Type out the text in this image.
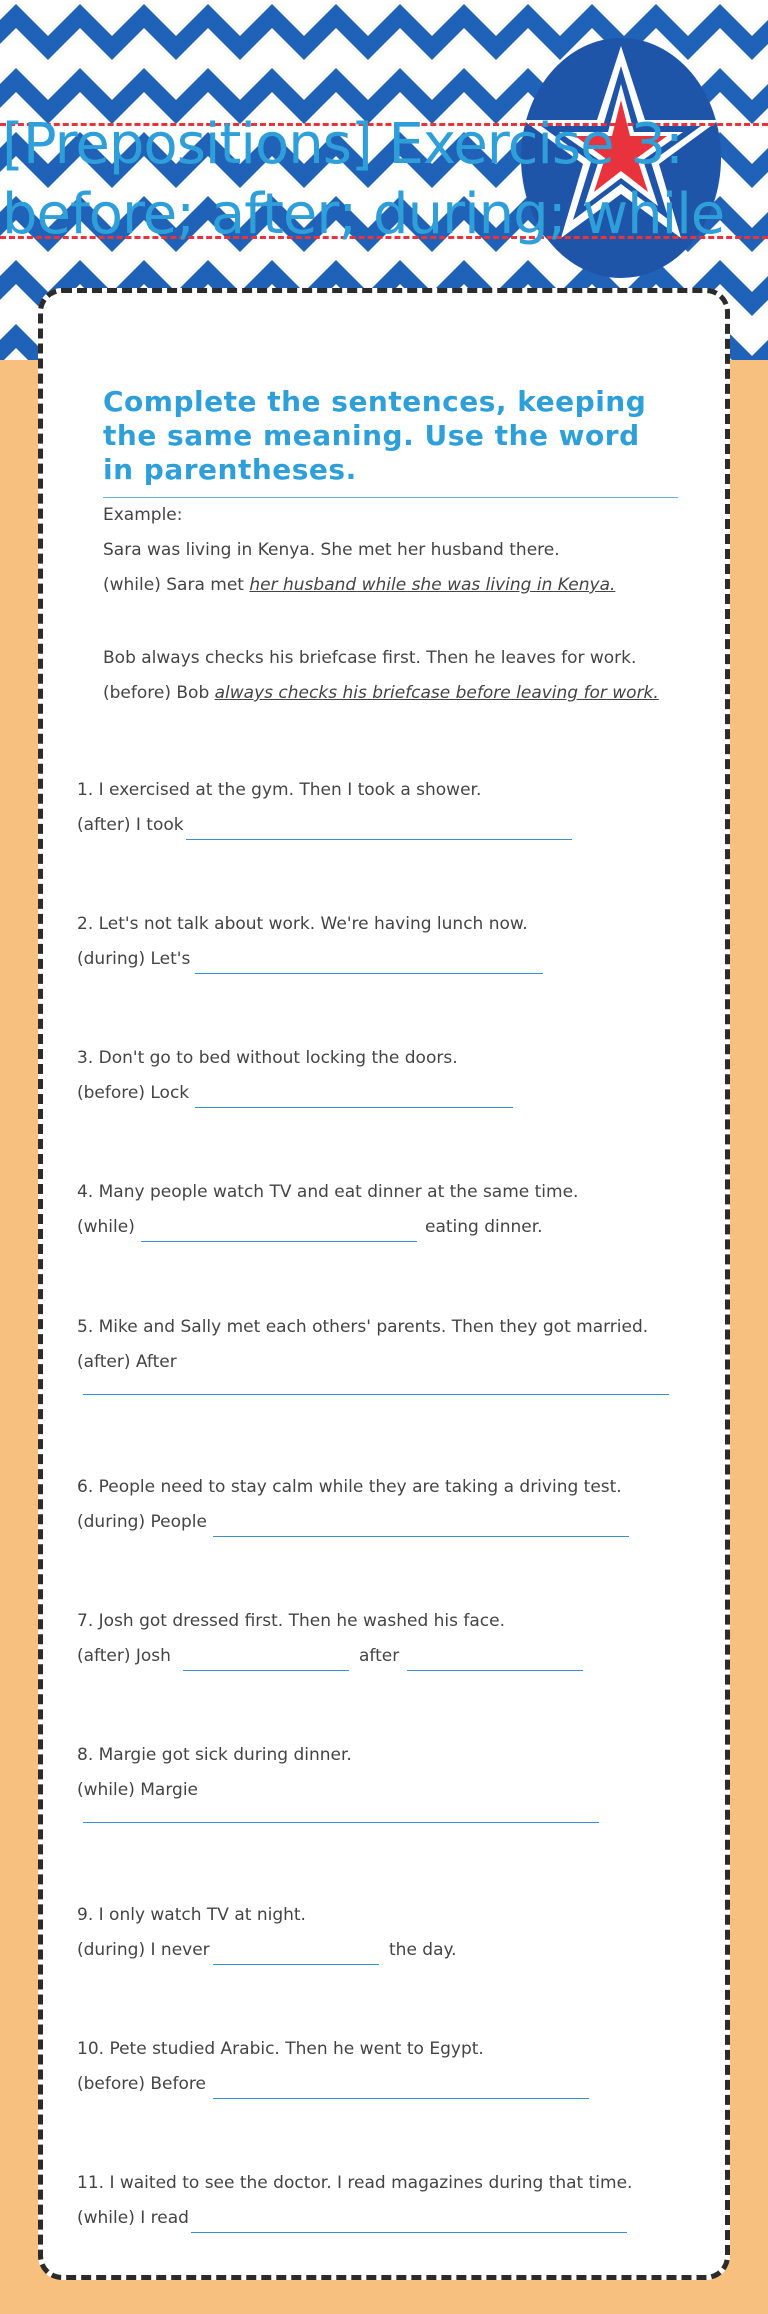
[Prepositions] Exercise 3:
before; after; during; while
Complete the sentences, keeping the same meaning. Use the word in parentheses.
Example:
Sara was living in Kenya. She met her husband there.
(while) Sara met her husband while she was living in Kenya.
Bob always checks his briefcase first. Then he leaves for work.
(before) Bob always checks his briefcase before leaving for work.
1. I exercised at the gym. Then I took a shower.
(after) I took
2. Let's not talk about work. We're having lunch now.
(during) Let's
3. Don't go to bed without locking the doors.
(before) Lock
4. Many people watch TV and eat dinner at the same time.
(while)	eating dinner.
5. Mike and Sally met each others' parents. Then they got married.
(after) After
6. People need to stay calm while they are taking a driving test.
(during) People
7. Josh got dressed first. Then he washed his face.
(after) Josh	after
8. Margie got sick during dinner.
(while) Margie
9. I only watch TV at night.
(during) I never	the day.
10. Pete studied Arabic. Then he went to Egypt.
(before) Before
11. I waited to see the doctor. I read magazines during that time.
(while) I read
